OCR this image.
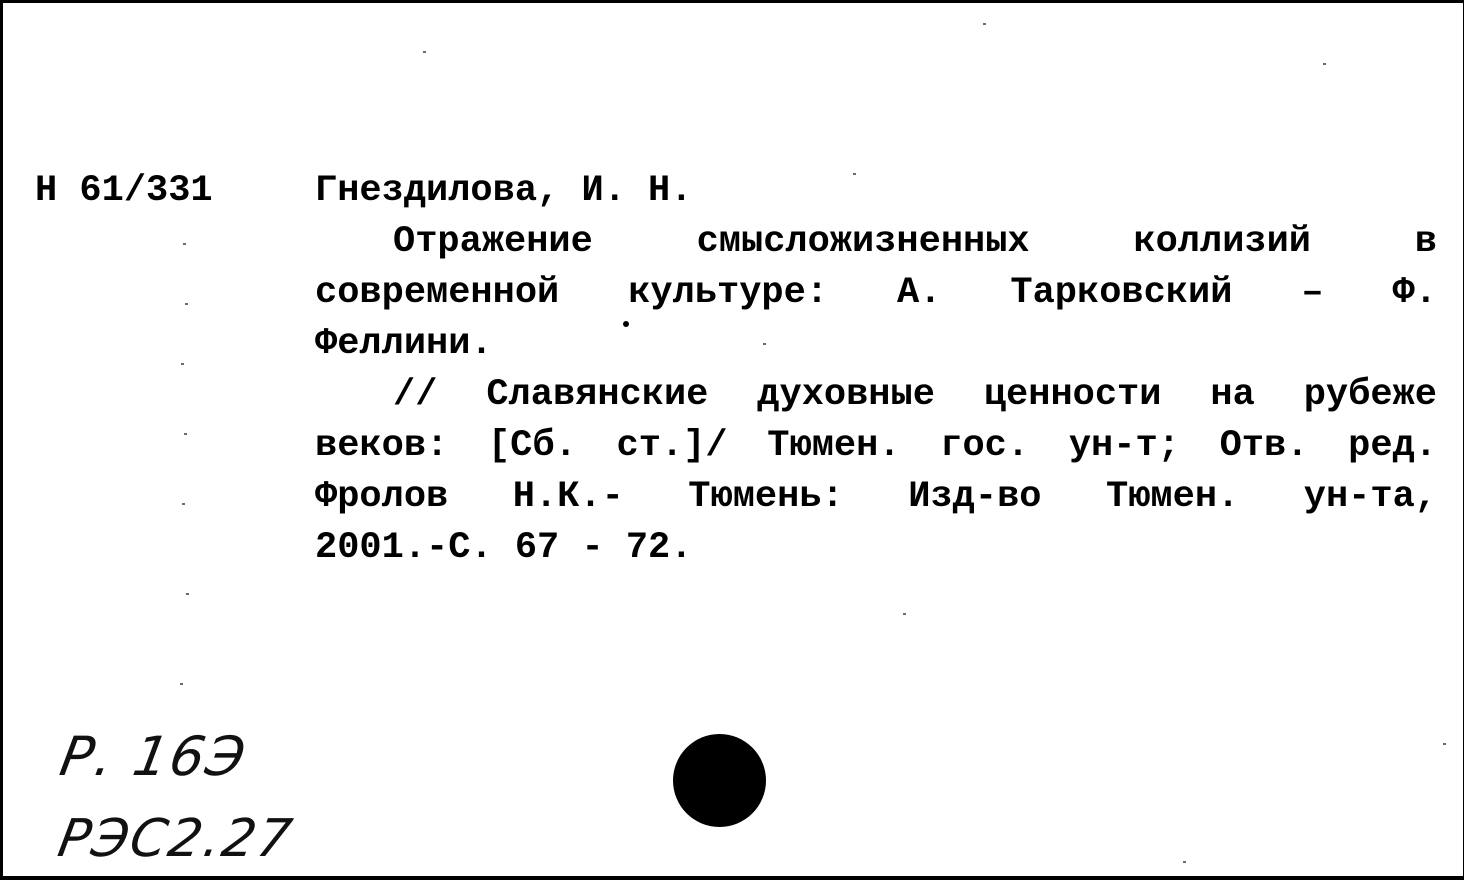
Н 61/331	Гнездилова, И. Н.
Отражение	смысложизненных	коллизий	в
современной культуре: А. Тарковский – Ф.
Феллини.
// Славянские духовные ценности на рубеже
веков: [Сб. ст.]/ Тюмен. гос. ун-т; Отв. ред.
Фролов Н.К.- Тюмень: Изд-во Тюмен. ун-та,
2001.-С. 67 - 72.
Р. 16Э
РЭС2.27
